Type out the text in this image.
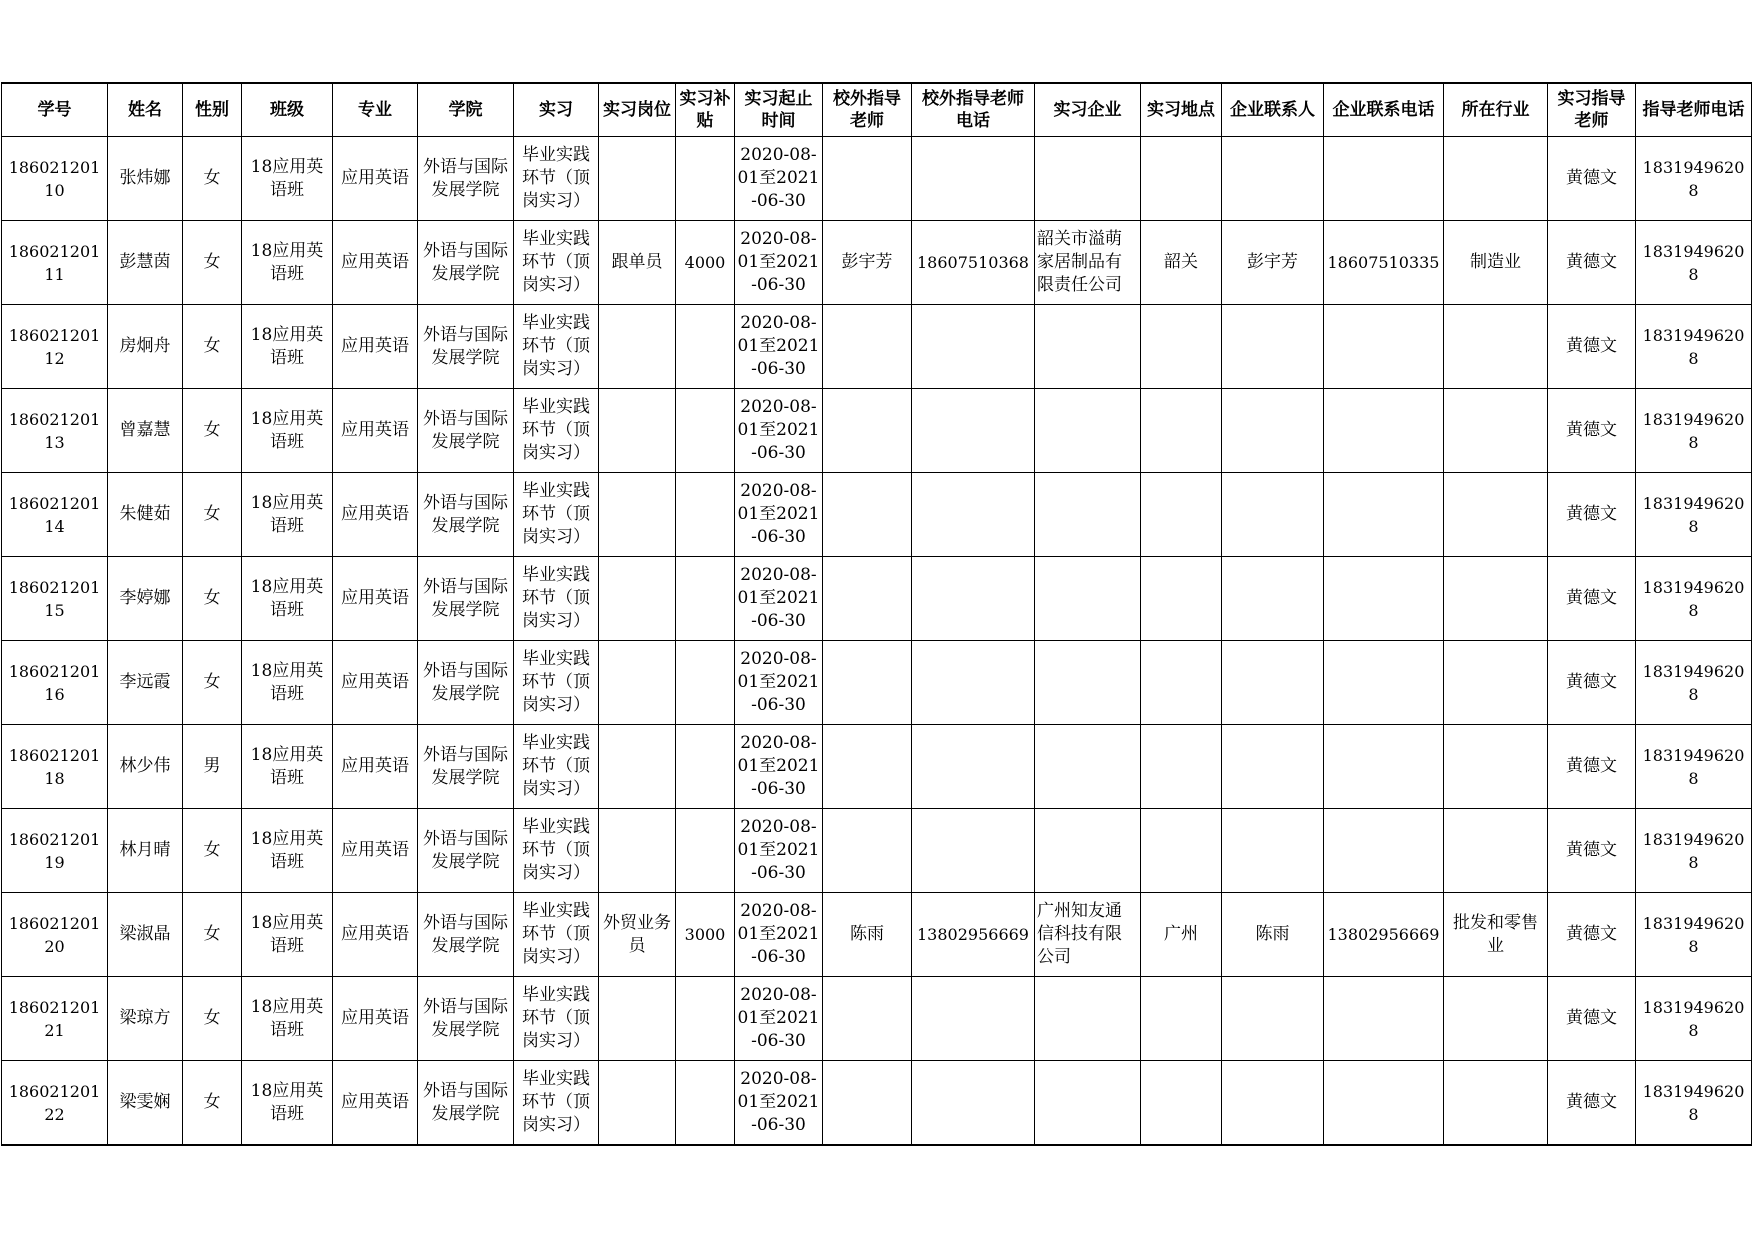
学号	姓名	性别	班级	专业	学院	实习	实习岗位	实习补贴	实习起止时间	校外指导老师	校外指导老师电话	实习企业	实习地点	企业联系人	企业联系电话	所在行业	实习指导老师	指导老师电话
18602120110	张炜娜	女	18应用英语班	应用英语	外语与国际发展学院	毕业实践环节（顶岗实习）			2020-08-01至2021-06-30								黄德文	18319496208
18602120111	彭慧茵	女	18应用英语班	应用英语	外语与国际发展学院	毕业实践环节（顶岗实习）	跟单员	4000	2020-08-01至2021-06-30	彭宇芳	18607510368	韶关市溢萌家居制品有限责任公司	韶关	彭宇芳	18607510335	制造业	黄德文	18319496208
18602120112	房炯舟	女	18应用英语班	应用英语	外语与国际发展学院	毕业实践环节（顶岗实习）			2020-08-01至2021-06-30								黄德文	18319496208
18602120113	曾嘉慧	女	18应用英语班	应用英语	外语与国际发展学院	毕业实践环节（顶岗实习）			2020-08-01至2021-06-30								黄德文	18319496208
18602120114	朱健茹	女	18应用英语班	应用英语	外语与国际发展学院	毕业实践环节（顶岗实习）			2020-08-01至2021-06-30								黄德文	18319496208
18602120115	李婷娜	女	18应用英语班	应用英语	外语与国际发展学院	毕业实践环节（顶岗实习）			2020-08-01至2021-06-30								黄德文	18319496208
18602120116	李远霞	女	18应用英语班	应用英语	外语与国际发展学院	毕业实践环节（顶岗实习）			2020-08-01至2021-06-30								黄德文	18319496208
18602120118	林少伟	男	18应用英语班	应用英语	外语与国际发展学院	毕业实践环节（顶岗实习）			2020-08-01至2021-06-30								黄德文	18319496208
18602120119	林月晴	女	18应用英语班	应用英语	外语与国际发展学院	毕业实践环节（顶岗实习）			2020-08-01至2021-06-30								黄德文	18319496208
18602120120	梁淑晶	女	18应用英语班	应用英语	外语与国际发展学院	毕业实践环节（顶岗实习）	外贸业务员	3000	2020-08-01至2021-06-30	陈雨	13802956669	广州知友通信科技有限公司	广州	陈雨	13802956669	批发和零售业	黄德文	18319496208
18602120121	梁琼方	女	18应用英语班	应用英语	外语与国际发展学院	毕业实践环节（顶岗实习）			2020-08-01至2021-06-30								黄德文	18319496208
18602120122	梁雯娴	女	18应用英语班	应用英语	外语与国际发展学院	毕业实践环节（顶岗实习）			2020-08-01至2021-06-30								黄德文	18319496208
